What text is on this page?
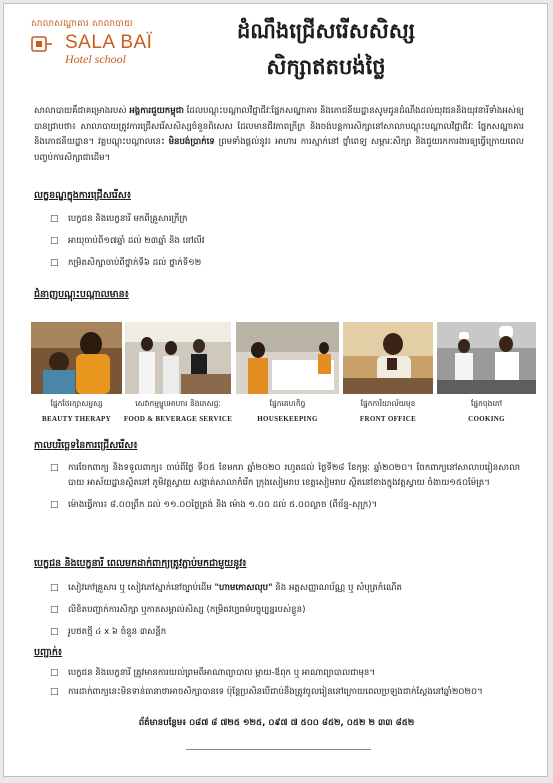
សាលាសណ្ឋាគារ សាលាបាយ
SALA BAÏ
Hotel school
ដំណឹងជ្រើសរើសសិស្ស
សិក្សាឥតបង់ថ្លៃ
សាលាបាយគឺជាគម្រោងរបស់ អង្គការជួយកម្ពុជា ដែលបណ្តុះបណ្តាលវិជ្ជាជីវៈផ្នែកសណ្ឋាគារ និងភោជនីយដ្ឋានសូមជូនដំណឹងដល់យុវជននិងយុវនារីទាំងអស់ឲ្យបានជ្រាបថា៖ សាលាបាយត្រូវការជ្រើសរើសសិស្សចំនួនពិសេស ដែលមានជីវភាពក្រីក្រ និងចង់បន្តការសិក្សានៅសាលាបណ្តុះបណ្តាលវិជ្ជាជីវៈ ផ្នែកសណ្ឋាគារ និងភោជនីយដ្ឋាន។ វគ្គបណ្តុះបណ្តាលនេះ មិនបង់ប្រាក់ទេ ព្រមទាំងផ្តល់នូវ៖ អាហារ ការស្នាក់នៅ ថ្នាំពេទ្យ សម្ភារៈសិក្សា និងជួយរកការងារឲ្យធ្វើក្រោយពេលបញ្ចប់ការសិក្សាជាដើម។
លក្ខខណ្ឌក្នុងការជ្រើសរើស៖
□ បេក្ខជន និងបេក្ខនារី មកពីគ្រួសារក្រីក្រ
□ អាយុចាប់ពី១៧ឆ្នាំ ដល់ ២៣ឆ្នាំ និង នៅលីវ
□ កម្រិតសិក្សាចាប់ពីថ្នាក់ទី៦ ដល់ ថ្នាក់ទី១២
ជំនាញបណ្តុះបណ្តាលមាន៖
ផ្នែកថែរក្សាសម្ផស្ស
BEAUTY THERAPY
សេវាកម្មម្ហូបអាហារ និងភេសជ្ជៈ
FOOD & BEVERAGE SERVICE
ផ្នែកគេហកិច្ច
HOUSEKEEPING
ផ្នែកការិយាល័យមុខ
FRONT OFFICE
ផ្នែកចុងភៅ
COOKING
កាលបរិច្ឆេទនៃការជ្រើសរើស៖
□ ការចែកពាក្យ និងទទួលពាក្យ៖ ចាប់ពីថ្ងៃ ទី០៥ ខែមករា ឆ្នាំ២០២០ រហូតដល់ ថ្ងៃទី២៨ ខែកុម្ភៈ ឆ្នាំ២០២០។ ចែកពាក្យនៅសាលាបរៀនសាលាបាយ អាស័យដ្ឋានស្ថិតនៅ ភូមិវត្តស្វាយ សង្កាត់សាលាកំរើក ក្រុងសៀមរាប ខេត្តសៀមរាប ស្ថិតនៅខាងក្នុងវត្តស្វាយ ចំងាយ១៥០ម៉ែត្រ។
□ ម៉ោងធ្វើការ៖ ៨.០០ព្រឹក ដល់ ១១.០០ថ្ងៃត្រង់ និង ម៉ោង ១.០០ ដល់ ៥.០០ល្ងាច (ពីច័ន្ទ-សុក្រ)។
បេក្ខជន និងបេក្ខនារី ពេលមកដាក់ពាក្យត្រូវភ្ជាប់មកជាមួយនូវ៖
□ សៀវភៅគ្រួសារ ឬ សៀវភៅស្នាក់នៅច្បាប់ដើម "ហាមកោសលុប" និង អត្តសញ្ញាណប័ណ្ណ ឬ សំបុត្រកំណើត
□ លិខិតបញ្ជាក់ការសិក្សា ឬកាតសម្គាល់សិស្ស (កម្រិតវប្បធម៌បច្ចុប្បន្នរបស់ខ្លួន)
□ រូបថតថ្មី ៤ x ៦ ចំនួន ៣សន្លឹក
បញ្ជាក់៖
□ បេក្ខជន និងបេក្ខនារី ត្រូវមានការយល់ព្រមពីអាណាព្យាបាល ម្តាយ-ឪពុក ឬ អាណាព្យាបាលជាមុន។
□ ការដាក់ពាក្យនេះមិនទាន់ធានាថាអាចសិក្សាបានទេ ប៉ុន្តែប្រសិនបើជាប់នឹងត្រូវចូលរៀននៅក្រោយពេលប្រឡងជាក់ស្តែងនៅឆ្នាំ២០២០។
ព័ត៌មានបន្ថែម៖ ០៨៧ ៨ ៧២៥ ១២៥, ០៩៧ ៧ ៥០០ ៨៥២, ០៥២ ២ ៣៣ ៨៥២
